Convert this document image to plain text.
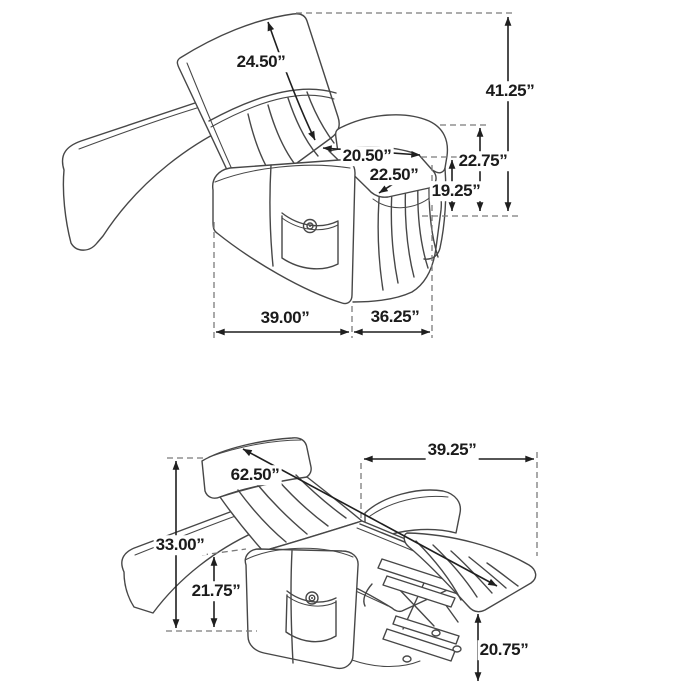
24.50”
41.25”
20.50”
22.50”
22.75”
19.25”
39.00”	36.25”
62.50”
39.25”
33.00”
21.75”
20.75”
